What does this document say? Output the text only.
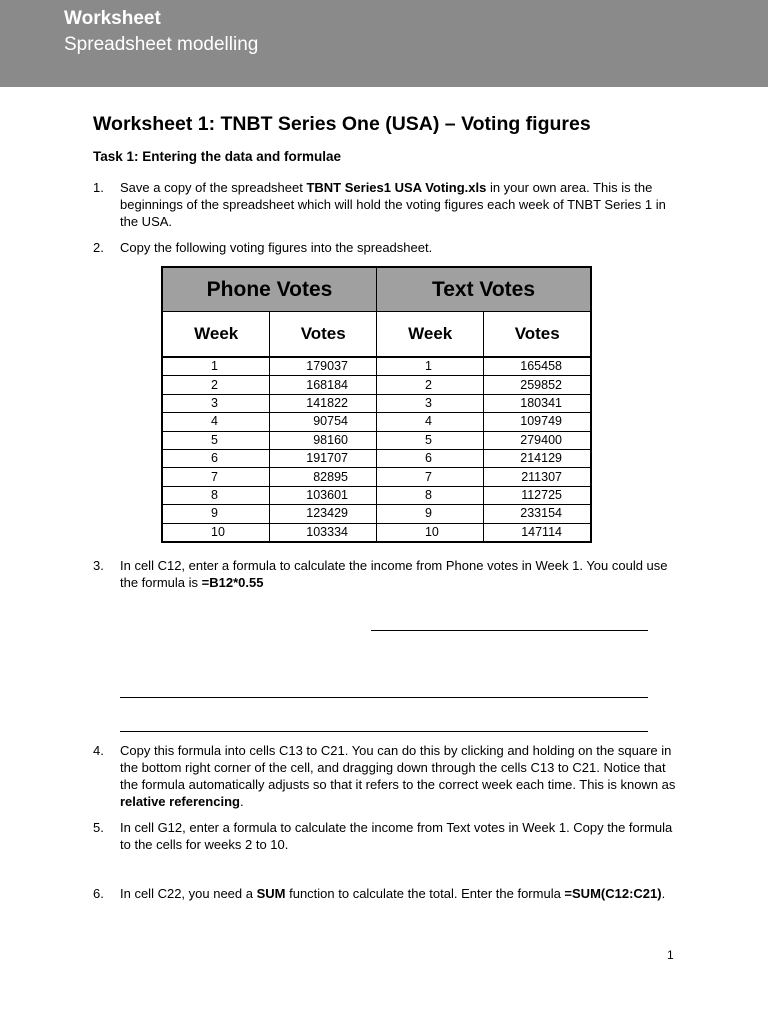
Worksheet
Spreadsheet modelling
Worksheet 1: TNBT Series One (USA) – Voting figures
Task 1: Entering the data and formulae
1. Save a copy of the spreadsheet TBNT Series1 USA Voting.xls in your own area. This is the beginnings of the spreadsheet which will hold the voting figures each week of TNBT Series 1 in the USA.
2. Copy the following voting figures into the spreadsheet.
Phone Votes		Text Votes	
Week	Votes	Week	Votes
1	179037	1	165458
2	168184	2	259852
3	141822	3	180341
4	90754	4	109749
5	98160	5	279400
6	191707	6	214129
7	82895	7	211307
8	103601	8	112725
9	123429	9	233154
10	103334	10	147114
3. In cell C12, enter a formula to calculate the income from Phone votes in Week 1. You could use the formula is =B12*0.55
4. Copy this formula into cells C13 to C21. You can do this by clicking and holding on the square in the bottom right corner of the cell, and dragging down through the cells C13 to C21. Notice that the formula automatically adjusts so that it refers to the correct week each time. This is known as relative referencing.
5. In cell G12, enter a formula to calculate the income from Text votes in Week 1. Copy the formula to the cells for weeks 2 to 10.
6. In cell C22, you need a SUM function to calculate the total. Enter the formula =SUM(C12:C21).
1
